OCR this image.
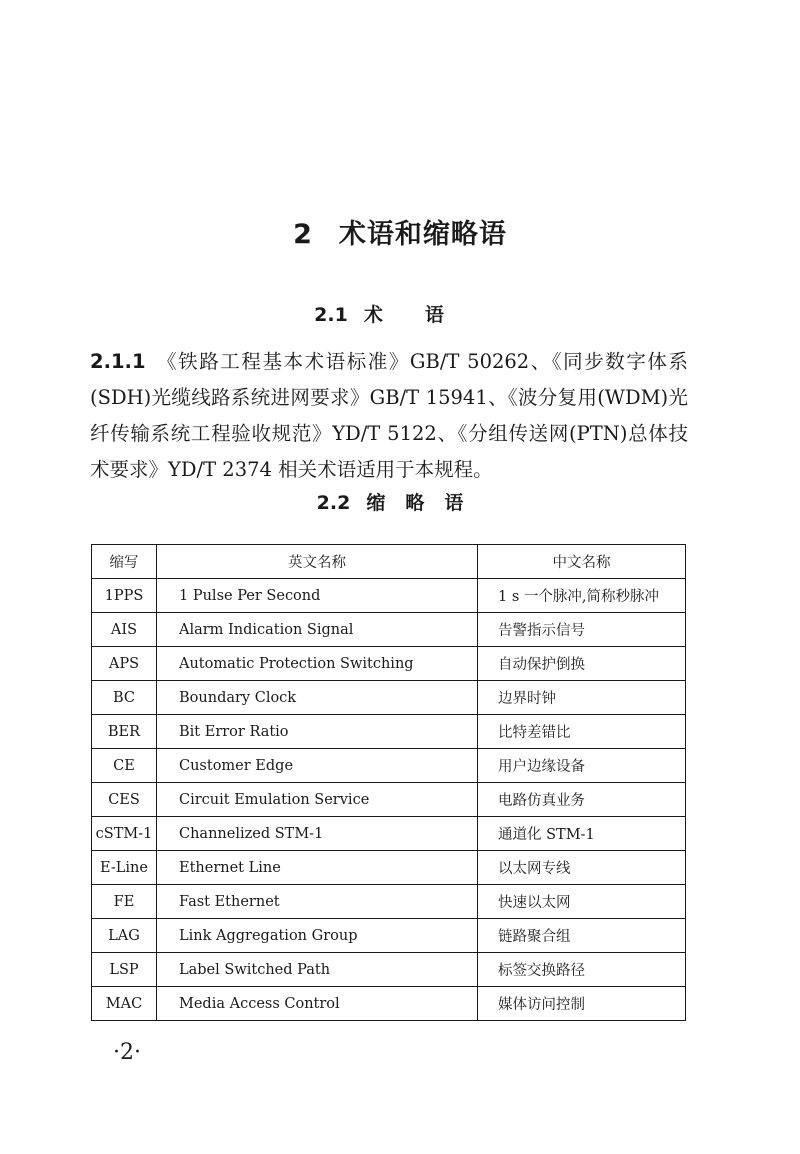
2 术语和缩略语
2.1 术语
2.1.1 《铁路工程基本术语标准》GB/T 50262、《同步数字体系(SDH)光缆线路系统进网要求》GB/T 15941、《波分复用(WDM)光纤传输系统工程验收规范》YD/T 5122、《分组传送网(PTN)总体技术要求》YD/T 2374 相关术语适用于本规程。
2.2 缩略语
缩写	英文名称	中文名称
1PPS	1 Pulse Per Second	1 s 一个脉冲,简称秒脉冲
AIS	Alarm Indication Signal	告警指示信号
APS	Automatic Protection Switching	自动保护倒换
BC	Boundary Clock	边界时钟
BER	Bit Error Ratio	比特差错比
CE	Customer Edge	用户边缘设备
CES	Circuit Emulation Service	电路仿真业务
cSTM-1	Channelized STM-1	通道化 STM-1
E-Line	Ethernet Line	以太网专线
FE	Fast Ethernet	快速以太网
LAG	Link Aggregation Group	链路聚合组
LSP	Label Switched Path	标签交换路径
MAC	Media Access Control	媒体访问控制
·2·
